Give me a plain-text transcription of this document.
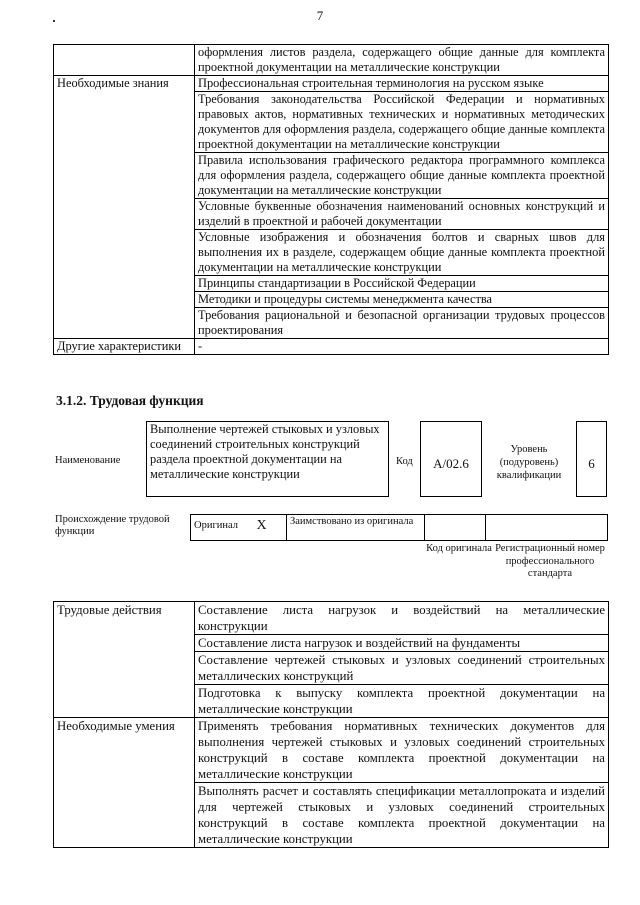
7
	оформления листов раздела, содержащего общие данные для комплекта проектной документации на металлические конструкции
Необходимые знания	Профессиональная строительная терминология на русском языке
	Требования законодательства Российской Федерации и нормативных правовых актов, нормативных технических и нормативных методических документов для оформления раздела, содержащего общие данные комплекта проектной документации на металлические конструкции
	Правила использования графического редактора программного комплекса для оформления раздела, содержащего общие данные комплекта проектной документации на металлические конструкции
	Условные буквенные обозначения наименований основных конструкций и изделий в проектной и рабочей документации
	Условные изображения и обозначения болтов и сварных швов для выполнения их в разделе, содержащем общие данные комплекта проектной документации на металлические конструкции
	Принципы стандартизации в Российской Федерации
	Методики и процедуры системы менеджмента качества
	Требования рациональной и безопасной организации трудовых процессов проектирования
Другие характеристики	-
3.1.2. Трудовая функция
Наименование
Выполнение чертежей стыковых и узловых соединений строительных конструкций раздела проектной документации на металлические конструкции
Код	A/02.6
Уровень (подуровень) квалификации
6
Происхождение трудовой функции
Оригинал	X	Заимствовано из оригинала		
Код оригинала Регистрационный номер профессионального стандарта
Трудовые действия	Составление листа нагрузок и воздействий на металлические конструкции
	Составление листа нагрузок и воздействий на фундаменты
	Составление чертежей стыковых и узловых соединений строительных металлических конструкций
	Подготовка к выпуску комплекта проектной документации на металлические конструкции
Необходимые умения	Применять требования нормативных технических документов для выполнения чертежей стыковых и узловых соединений строительных конструкций в составе комплекта проектной документации на металлические конструкции
	Выполнять расчет и составлять спецификации металлопроката и изделий для чертежей стыковых и узловых соединений строительных конструкций в составе комплекта проектной документации на металлические конструкции
